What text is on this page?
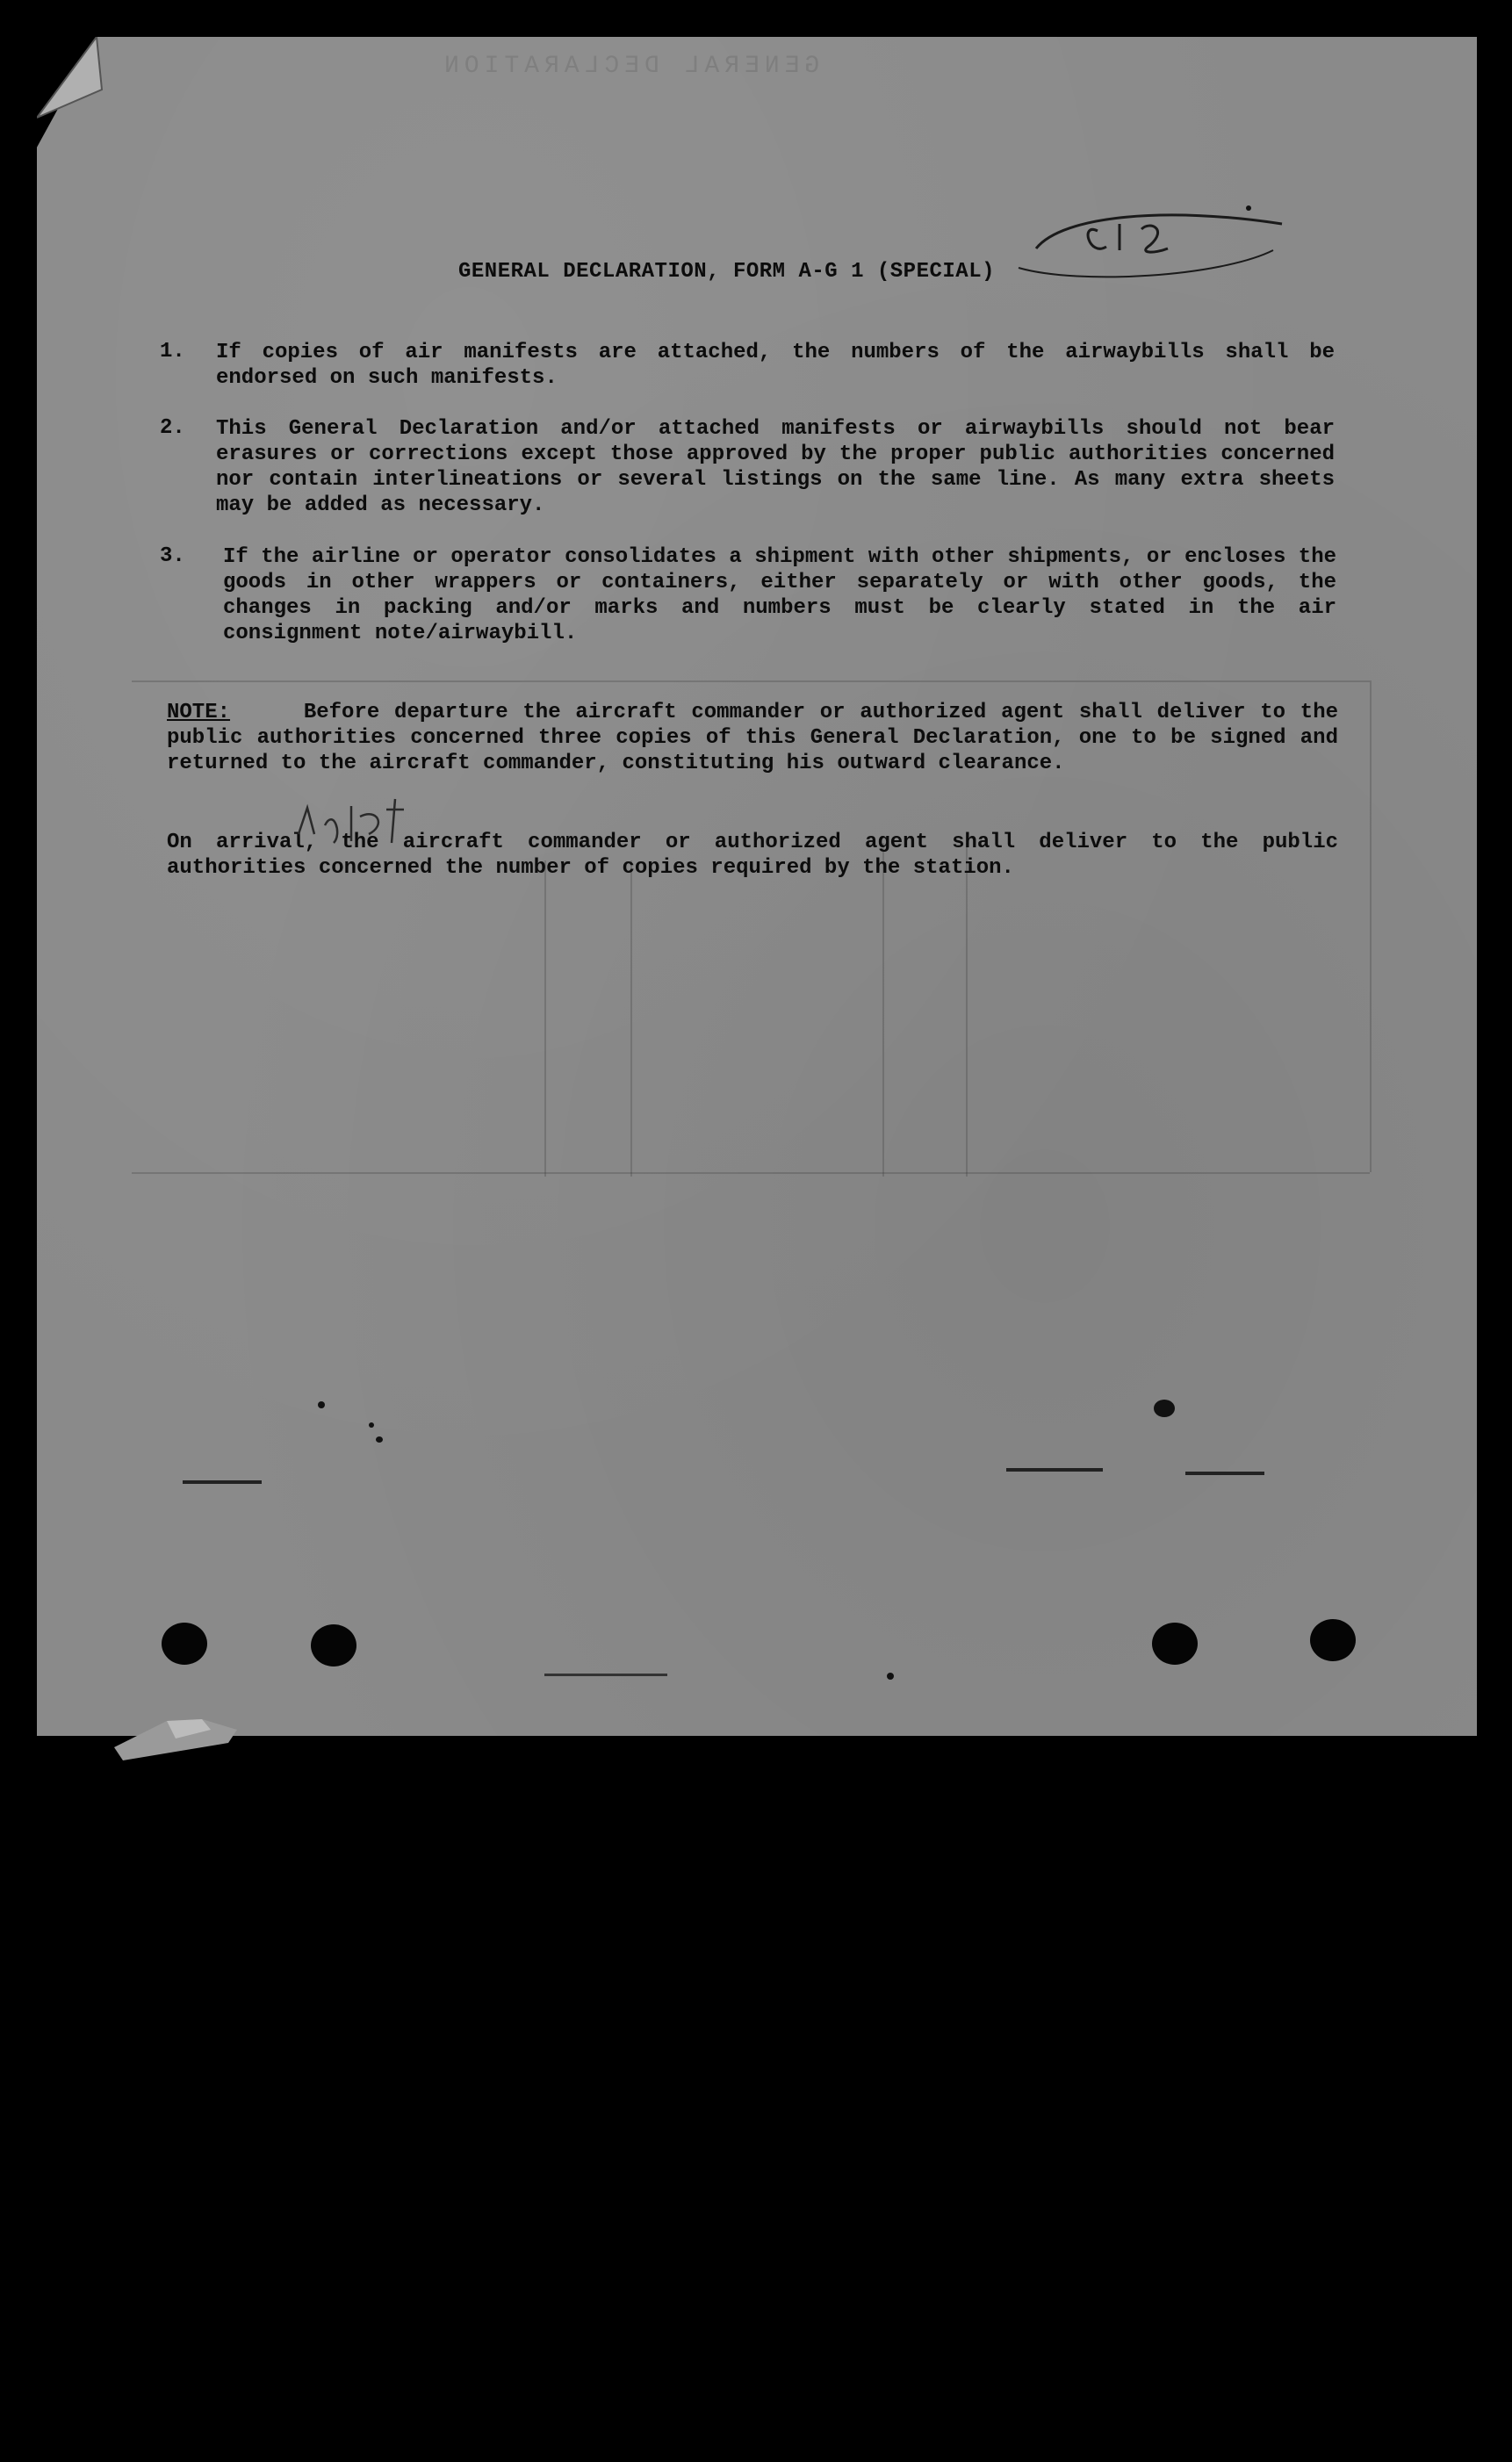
GENERAL DECLARATION
GENERAL DECLARATION, FORM A-G 1 (SPECIAL)
1. If copies of air manifests are attached, the numbers of the airwaybills shall be endorsed on such manifests.
2. This General Declaration and/or attached manifests or airwaybills should not bear erasures or corrections except those approved by the proper public authorities concerned nor contain interlineations or several listings on the same line. As many extra sheets may be added as necessary.
3. If the airline or operator consolidates a shipment with other shipments, or encloses the goods in other wrappers or containers, either separately or with other goods, the changes in packing and/or marks and numbers must be clearly stated in the air consignment note/airwaybill.
NOTE:	Before departure the aircraft commander or authorized agent shall deliver to the public authorities concerned three copies of this General Declaration, one to be signed and returned to the aircraft commander, constituting his outward clearance.
On arrival, the aircraft commander or authorized agent shall deliver to the public authorities concerned the number of copies required by the station.
